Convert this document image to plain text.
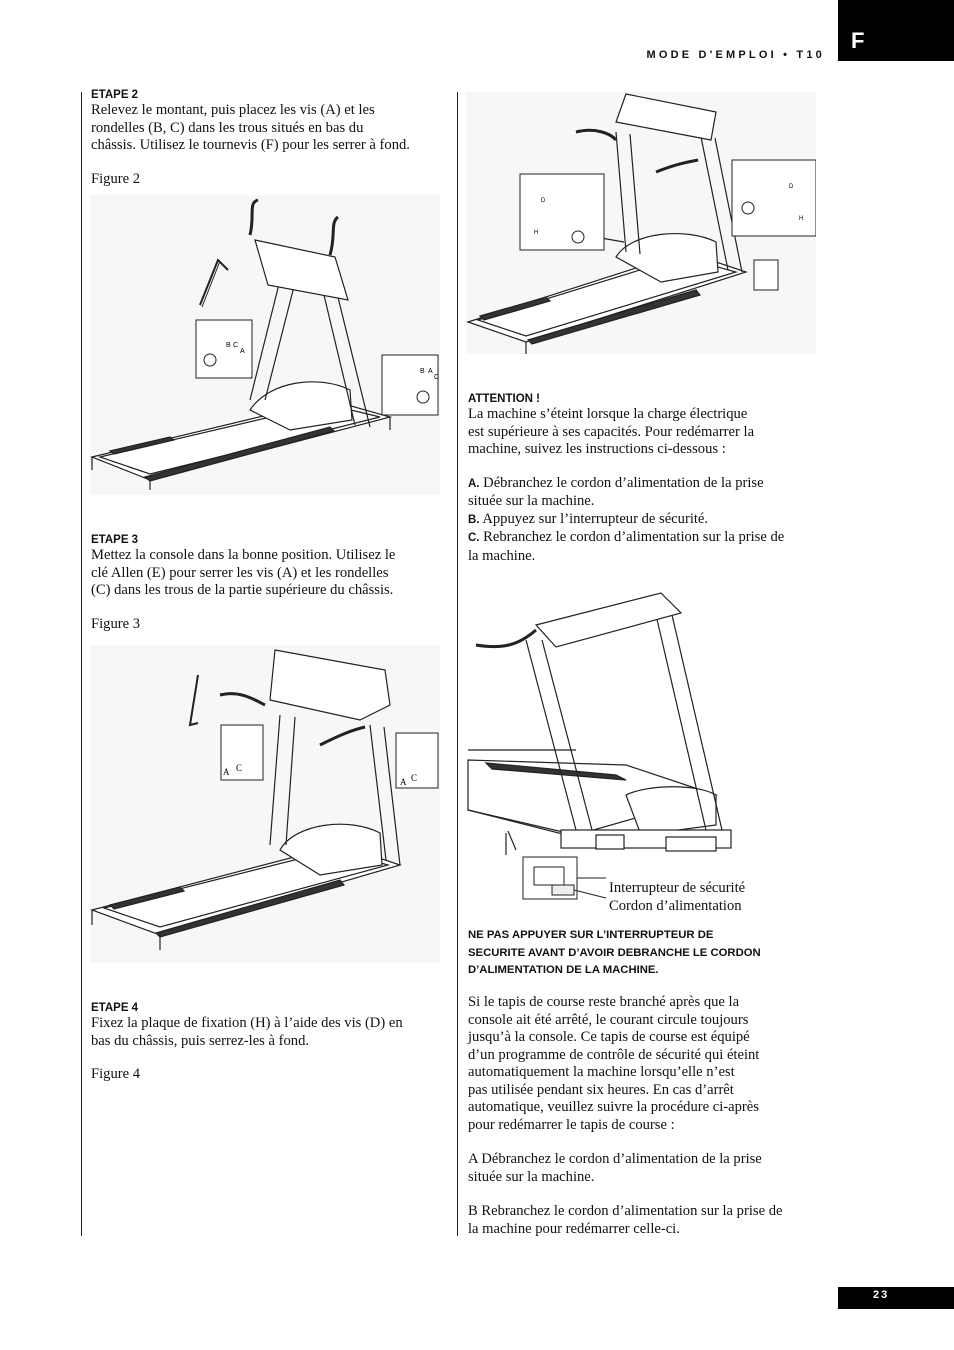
F
MODE D'EMPLOI • T10

ETAPE 2

Relevez le montant, puis placez les vis (A) et les

rondelles (B, C) dans les trous situés en bas du

châssis. Utilisez le tournevis (F) pour les serrer à fond.

Figure 2

B C
A
B A
C

ETAPE 3

Mettez la console dans la bonne position. Utilisez le

clé Allen (E) pour serrer les vis (A) et les rondelles

(C) dans les trous de la partie supérieure du châssis.

Figure 3

A C
A C

ETAPE 4

Fixez la plaque de fixation (H) à l’aide des vis (D) en

bas du châssis, puis serrez-les à fond.

Figure 4

D
H
D
H

ATTENTION !

La machine s’éteint lorsque la charge électrique

est supérieure à ses capacités. Pour redémarrer la

machine, suivez les instructions ci-dessous :

A. Débranchez le cordon d’alimentation de la prise

située sur la machine.

B. Appuyez sur l’interrupteur de sécurité.

C. Rebranchez le cordon d’alimentation sur la prise de

la machine.

Interrupteur de sécurité

Cordon d’alimentation

NE PAS APPUYER SUR L’INTERRUPTEUR DE

SECURITE AVANT D’AVOIR DEBRANCHE LE CORDON

D’ALIMENTATION DE LA MACHINE.

Si le tapis de course reste branché après que la

console ait été arrêté, le courant circule toujours

jusqu’à la console. Ce tapis de course est équipé

d’un programme de contrôle de sécurité qui éteint

automatiquement la machine lorsqu’elle n’est

pas utilisée pendant six heures. En cas d’arrêt

automatique, veuillez suivre la procédure ci-après

pour redémarrer le tapis de course :

A Débranchez le cordon d’alimentation de la prise

située sur la machine.

B Rebranchez le cordon d’alimentation sur la prise de

la machine pour redémarrer celle-ci.

23
